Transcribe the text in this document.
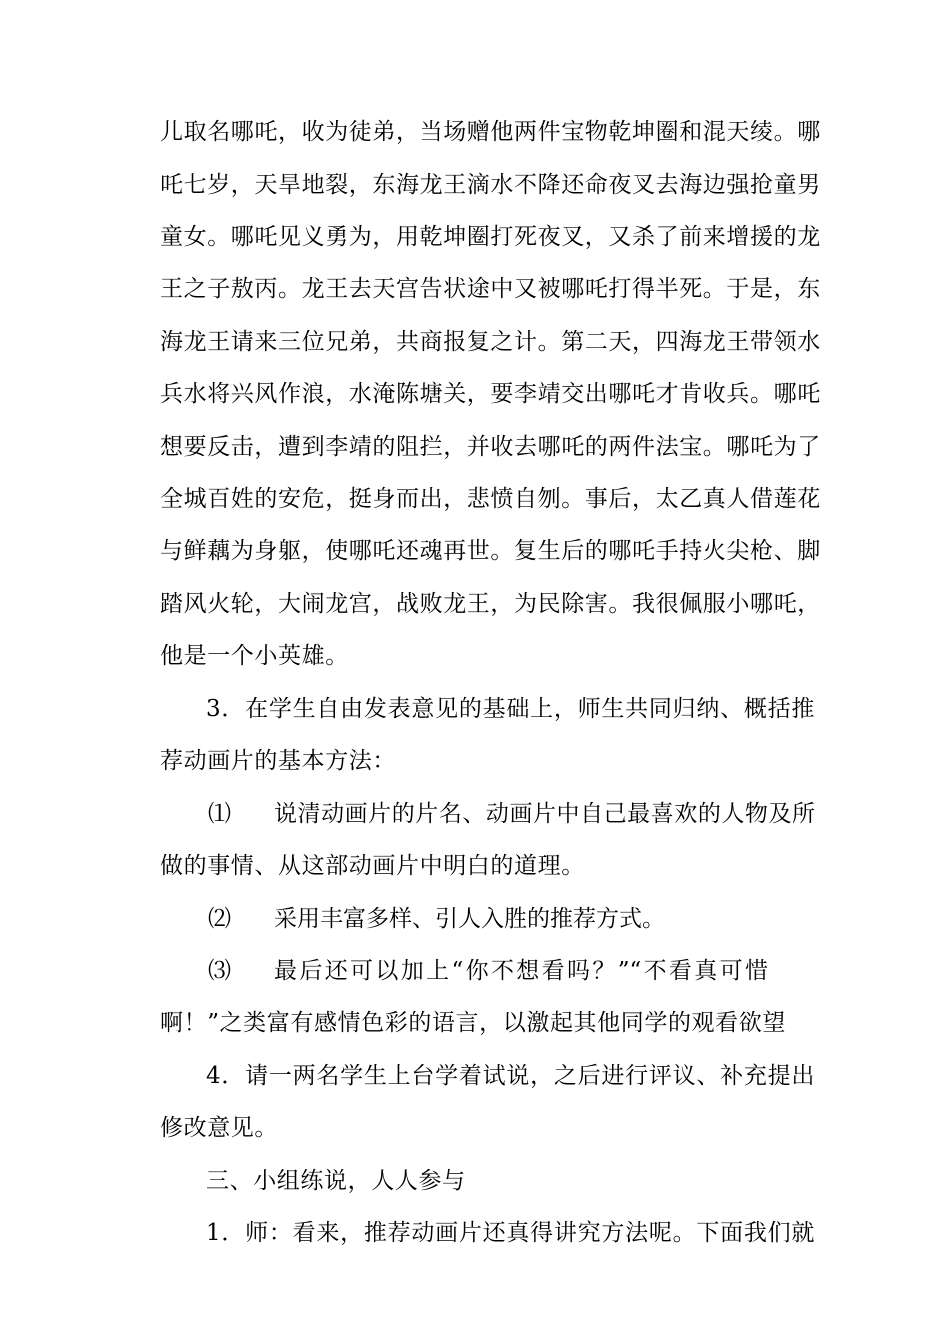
儿取名哪吒，收为徒弟，当场赠他两件宝物乾坤圈和混天绫。哪
吒七岁，天旱地裂，东海龙王滴水不降还命夜叉去海边强抢童男
童女。哪吒见义勇为，用乾坤圈打死夜叉，又杀了前来增援的龙
王之子敖丙。龙王去天宫告状途中又被哪吒打得半死。于是，东
海龙王请来三位兄弟，共商报复之计。第二天，四海龙王带领水
兵水将兴风作浪，水淹陈塘关，要李靖交出哪吒才肯收兵。哪吒
想要反击，遭到李靖的阻拦，并收去哪吒的两件法宝。哪吒为了
全城百姓的安危，挺身而出，悲愤自刎。事后，太乙真人借莲花
与鲜藕为身躯，使哪吒还魂再世。复生后的哪吒手持火尖枪、脚
踏风火轮，大闹龙宫，战败龙王，为民除害。我很佩服小哪吒，
他是一个小英雄。
3．在学生自由发表意见的基础上，师生共同归纳、概括推
荐动画片的基本方法：
⑴	说清动画片的片名、动画片中自己最喜欢的人物及所
做的事情、从这部动画片中明白的道理。
⑵ 采用丰富多样、引人入胜的推荐方式。
⑶	最后还可以加上“你不想看吗？”“不看真可惜
啊！”之类富有感情色彩的语言，以激起其他同学的观看欲望
4．请一两名学生上台学着试说，之后进行评议、补充提出
修改意见。
三、小组练说，人人参与
1．师：看来，推荐动画片还真得讲究方法呢。下面我们就
